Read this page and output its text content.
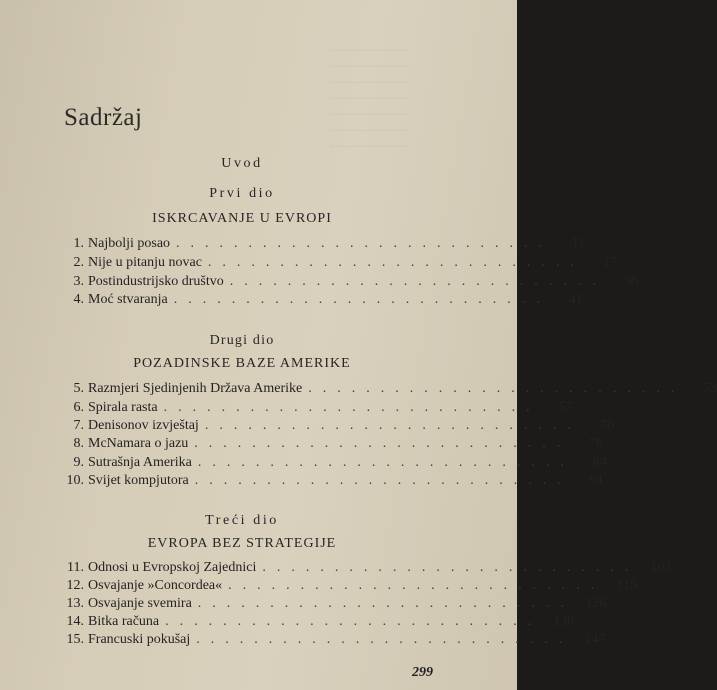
............................
............................
............................
............................
............................
............................
............................
Sadržaj
Uvod
Prvi dio
ISKRCAVANJE U EVROPI
1. Najbolji posao ..........................	11
2. Nije u pitanju novac ..........................	17
3. Postindustrijsko društvo ..........................	36
4. Moć stvaranja ..........................	41
Drugi dio
POZADINSKE BAZE AMERIKE
5. Razmjeri Sjedinjenih Država Amerike ..........................	53
6. Spirala rasta ..........................	57
7. Denisonov izvještaj ..........................	70
8. McNamara o jazu ..........................	78
9. Sutrašnja Amerika ..........................	84
10. Svijet kompjutora ..........................	91
Treći dio
EVROPA BEZ STRATEGIJE
11. Odnosi u Evropskoj Zajednici .......................... 103
12. Osvajanje »Concordea« .......................... 115
13. Osvajanje svemira .......................... 126
14. Bitka računa .......................... 138
15. Francuski pokušaj .......................... 147
299
